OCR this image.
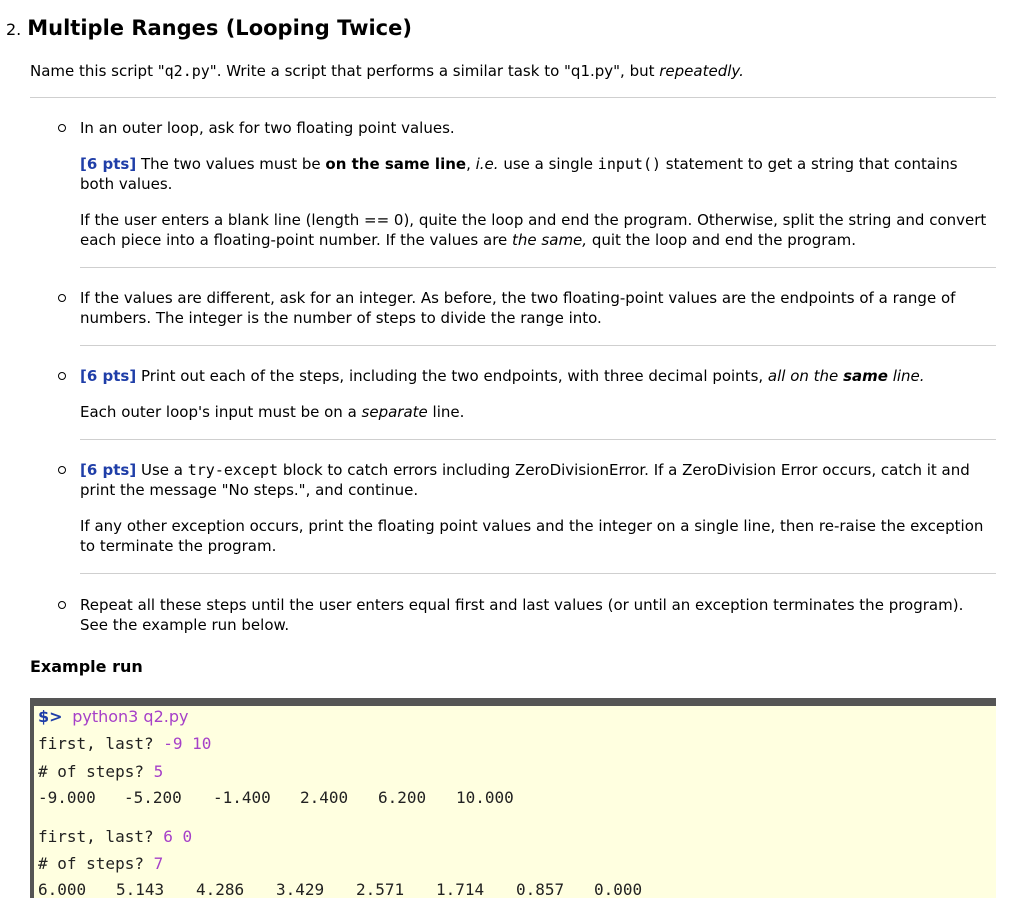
2. Multiple Ranges (Looping Twice)
Name this script "q2.py". Write a script that performs a similar task to "q1.py", but repeatedly.
In an outer loop, ask for two floating point values.
[6 pts] The two values must be on the same line, i.e. use a single input() statement to get a string that contains both values.
If the user enters a blank line (length == 0), quite the loop and end the program. Otherwise, split the string and convert each piece into a floating-point number. If the values are the same, quit the loop and end the program.
If the values are different, ask for an integer. As before, the two floating-point values are the endpoints of a range of numbers. The integer is the number of steps to divide the range into.
[6 pts] Print out each of the steps, including the two endpoints, with three decimal points, all on the same line.
Each outer loop's input must be on a separate line.
[6 pts] Use a try-except block to catch errors including ZeroDivisionError. If a ZeroDivision Error occurs, catch it and print the message "No steps.", and continue.
If any other exception occurs, print the floating point values and the integer on a single line, then re-raise the exception to terminate the program.
Repeat all these steps until the user enters equal first and last values (or until an exception terminates the program). See the example run below.
Example run
$> python3 q2.py
first, last? -9 10
# of steps? 5
-9.000 -5.200 -1.400 2.400 6.200 10.000
first, last? 6 0
# of steps? 7
6.000 5.143 4.286 3.429 2.571 1.714 0.857 0.000
